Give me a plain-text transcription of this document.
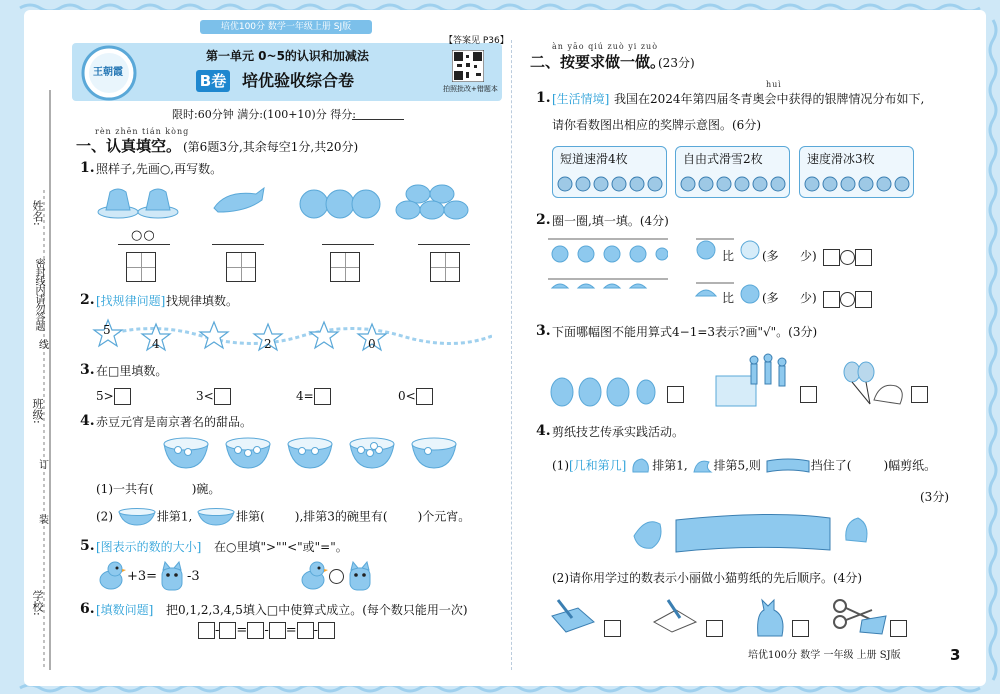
培优100分 数学一年级上册 SJ版
姓名:
密封线内请勿答题
线
班级:
订
装
学校:
王朝霞
第一单元 0~5的认识和加减法
B卷 培优验收综合卷
【答案见 P36】
拍照批改+错题本
限时:60分钟 满分:(100+10)分 得分:
rèn zhēn tián kòng
一、认真填空。 (第6题3分,其余每空1分,共20分)
1. 照样子,先画○,再写数。
○○
2. [找规律问题] 找规律填数。
5
4	2	0
3. 在□里填数。
5>	3<	4=	0<
4. 赤豆元宵是南京著名的甜品。
(1)一共有(	)碗。
(2)	排第1,	排第(	),排第3的碗里有(	)个元宵。
5. [图表示的数的大小] 在○里填">""<"或"="。
+3= -3
6. [填数问题] 把0,1,2,3,4,5填入□中使算式成立。(每个数只能用一次)
- = - = -
àn yāo qiú zuò yi zuò
二、按要求做一做。
(23分)
huì
1. [生活情境] 我国在2024年第四届冬青奥会中获得的银牌情况分布如下,
请你看数图出相应的奖牌示意图。(6分)
短道速滑4枚	自由式滑雪2枚	速度滑冰3枚
2. 圈一圈,填一填。(4分)
比 (多 少)
比 (多 少)
3. 下面哪幅图不能用算式4−1=3表示?画"√"。(3分)
4. 剪纸技艺传承实践活动。
(1)[几和第几] 排第1, 排第5,则	挡住了(	)幅剪纸。
(3分)
(2)请你用学过的数表示小丽做小猫剪纸的先后顺序。(4分)
培优100分 数学 一年级 上册 SJ版	3
